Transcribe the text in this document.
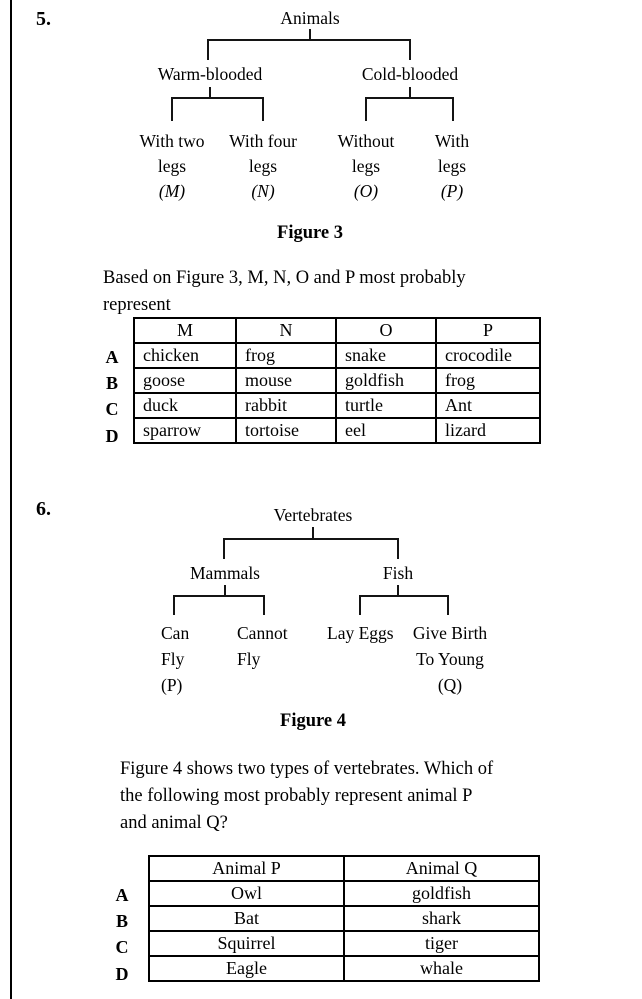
5.	Animals
Warm-blooded	Cold-blooded
With two
legs
(M)
With four
legs
(N)
Without
legs
(O)
With
legs
(P)
Figure 3
Based on Figure 3, M, N, O and P most probably
represent
A
B
C
D
M	N	O	P
chicken	frog	snake	crocodile
goose	mouse	goldfish	frog
duck	rabbit	turtle	Ant
sparrow	tortoise	eel	lizard
6.	Vertebrates
Mammals	Fish
Can
Fly
(P)
Cannot
Fly
Lay Eggs Give Birth
To Young
(Q)
Figure 4
Figure 4 shows two types of vertebrates. Which of
the following most probably represent animal P
and animal Q?
A
B
C
D
Animal P	Animal Q
Owl	goldfish
Bat	shark
Squirrel	tiger
Eagle	whale
